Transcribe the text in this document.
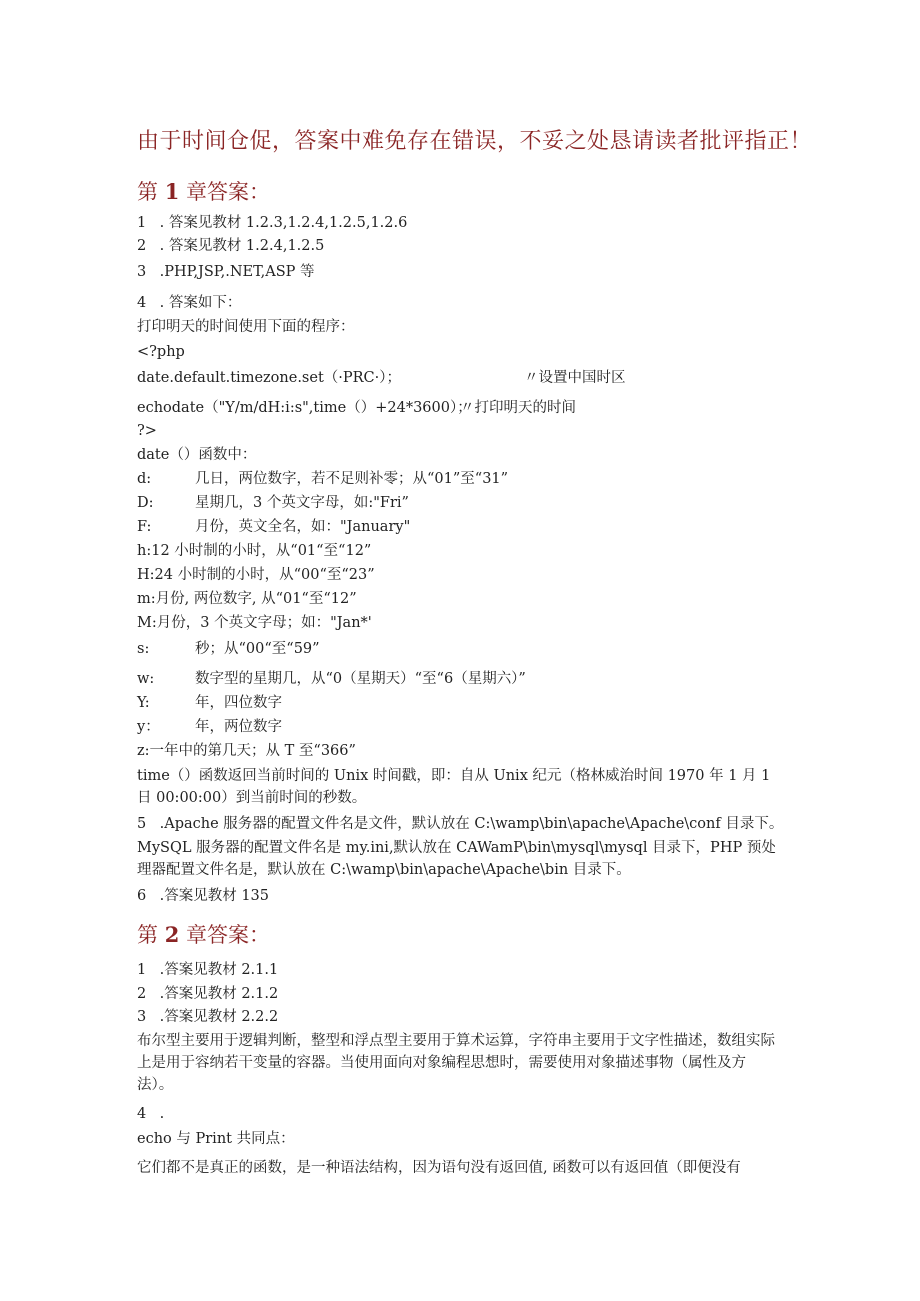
由于时间仓促，答案中难免存在错误，不妥之处恳请读者批评指正！
第 1 章答案：
1 . 答案见教材 1.2.3,1.2.4,1.2.5,1.2.6
2 . 答案见教材 1.2.4,1.2.5
3 .PHP,JSP,.NET,ASP 等
4 . 答案如下：
打印明天的时间使用下面的程序：
<?php
date.default.timezone.set（·PRC·）；	〃设置中国时区
echodate（"Y/m/dH:i:s",time（）+24*3600）；
〃打印明天的时间
?>
date（）函数中：
d:	几日，两位数字，若不足则补零；从“01”至“31”
D:	星期几，3 个英文字母，如:"Fri”
F:	月份，英文全名，如："January"
h:12 小时制的小时，从“01“至“12”
H:24 小时制的小时，从“00“至“23”
m:月份, 两位数字, 从“01“至“12”
M:月份，3 个英文字母；如："Jan*'
s:	秒；从“00“至“59”
w:	数字型的星期几，从“0（星期天）“至“6（星期六）”
Y:	年，四位数字
y： 年，两位数字
z:一年中的第几天；从 T 至“366”
time（）函数返回当前时间的 Unix 时间戳，即：自从 Unix 纪元（格林威治时间 1970 年 1 月 1 日 00:00:00）到当前时间的秒数。
5 .Apache 服务器的配置文件名是文件，默认放在 C:\wamp\bin\apache\Apache\conf 目录下。
MySQL 服务器的配置文件名是 my.ini,默认放在 CAWamP\bin\mysql\mysql 目录下，PHP 预处理器配置文件名是，默认放在 C:\wamp\bin\apache\Apache\bin 目录下。
6 .答案见教材 135
第 2 章答案：
1 .答案见教材 2.1.1
2 .答案见教材 2.1.2
3 .答案见教材 2.2.2
布尔型主要用于逻辑判断，整型和浮点型主要用于算术运算，字符串主要用于文字性描述，数组实际上是用于容纳若干变量的容器。当使用面向对象编程思想时，需要使用对象描述事物（属性及方法）。
4 .
echo 与 Print 共同点：
它们都不是真正的函数，是一种语法结构，因为语句没有返回值, 函数可以有返回值（即便没有
